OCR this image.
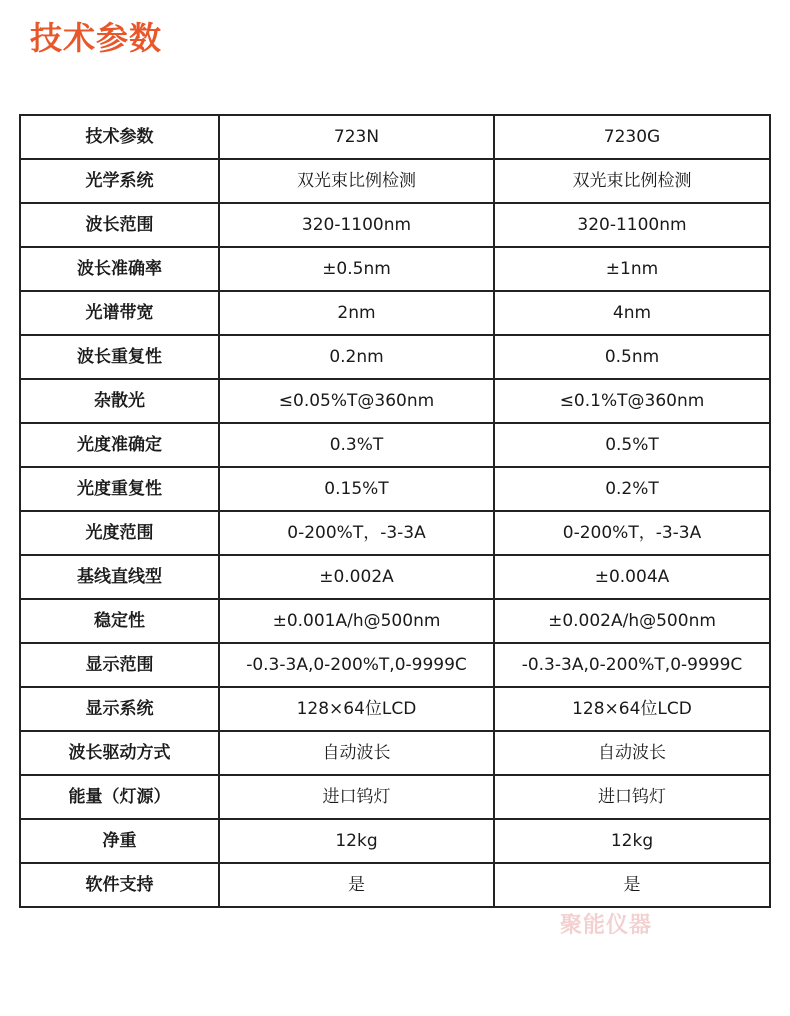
技术参数
技术参数	723N	7230G
光学系统	双光束比例检测	双光束比例检测
波长范围	320-1100nm	320-1100nm
波长准确率	±0.5nm	±1nm
光谱带宽	2nm	4nm
波长重复性	0.2nm	0.5nm
杂散光	≤0.05%T@360nm	≤0.1%T@360nm
光度准确定	0.3%T	0.5%T
光度重复性	0.15%T	0.2%T
光度范围	0-200%T，-3-3A	0-200%T，-3-3A
基线直线型	±0.002A	±0.004A
稳定性	±0.001A/h@500nm	±0.002A/h@500nm
显示范围	-0.3-3A,0-200%T,0-9999C	-0.3-3A,0-200%T,0-9999C
显示系统	128×64位LCD	128×64位LCD
波长驱动方式	自动波长	自动波长
能量（灯源）	进口钨灯	进口钨灯
净重	12kg	12kg
软件支持	是	是
聚能仪器
